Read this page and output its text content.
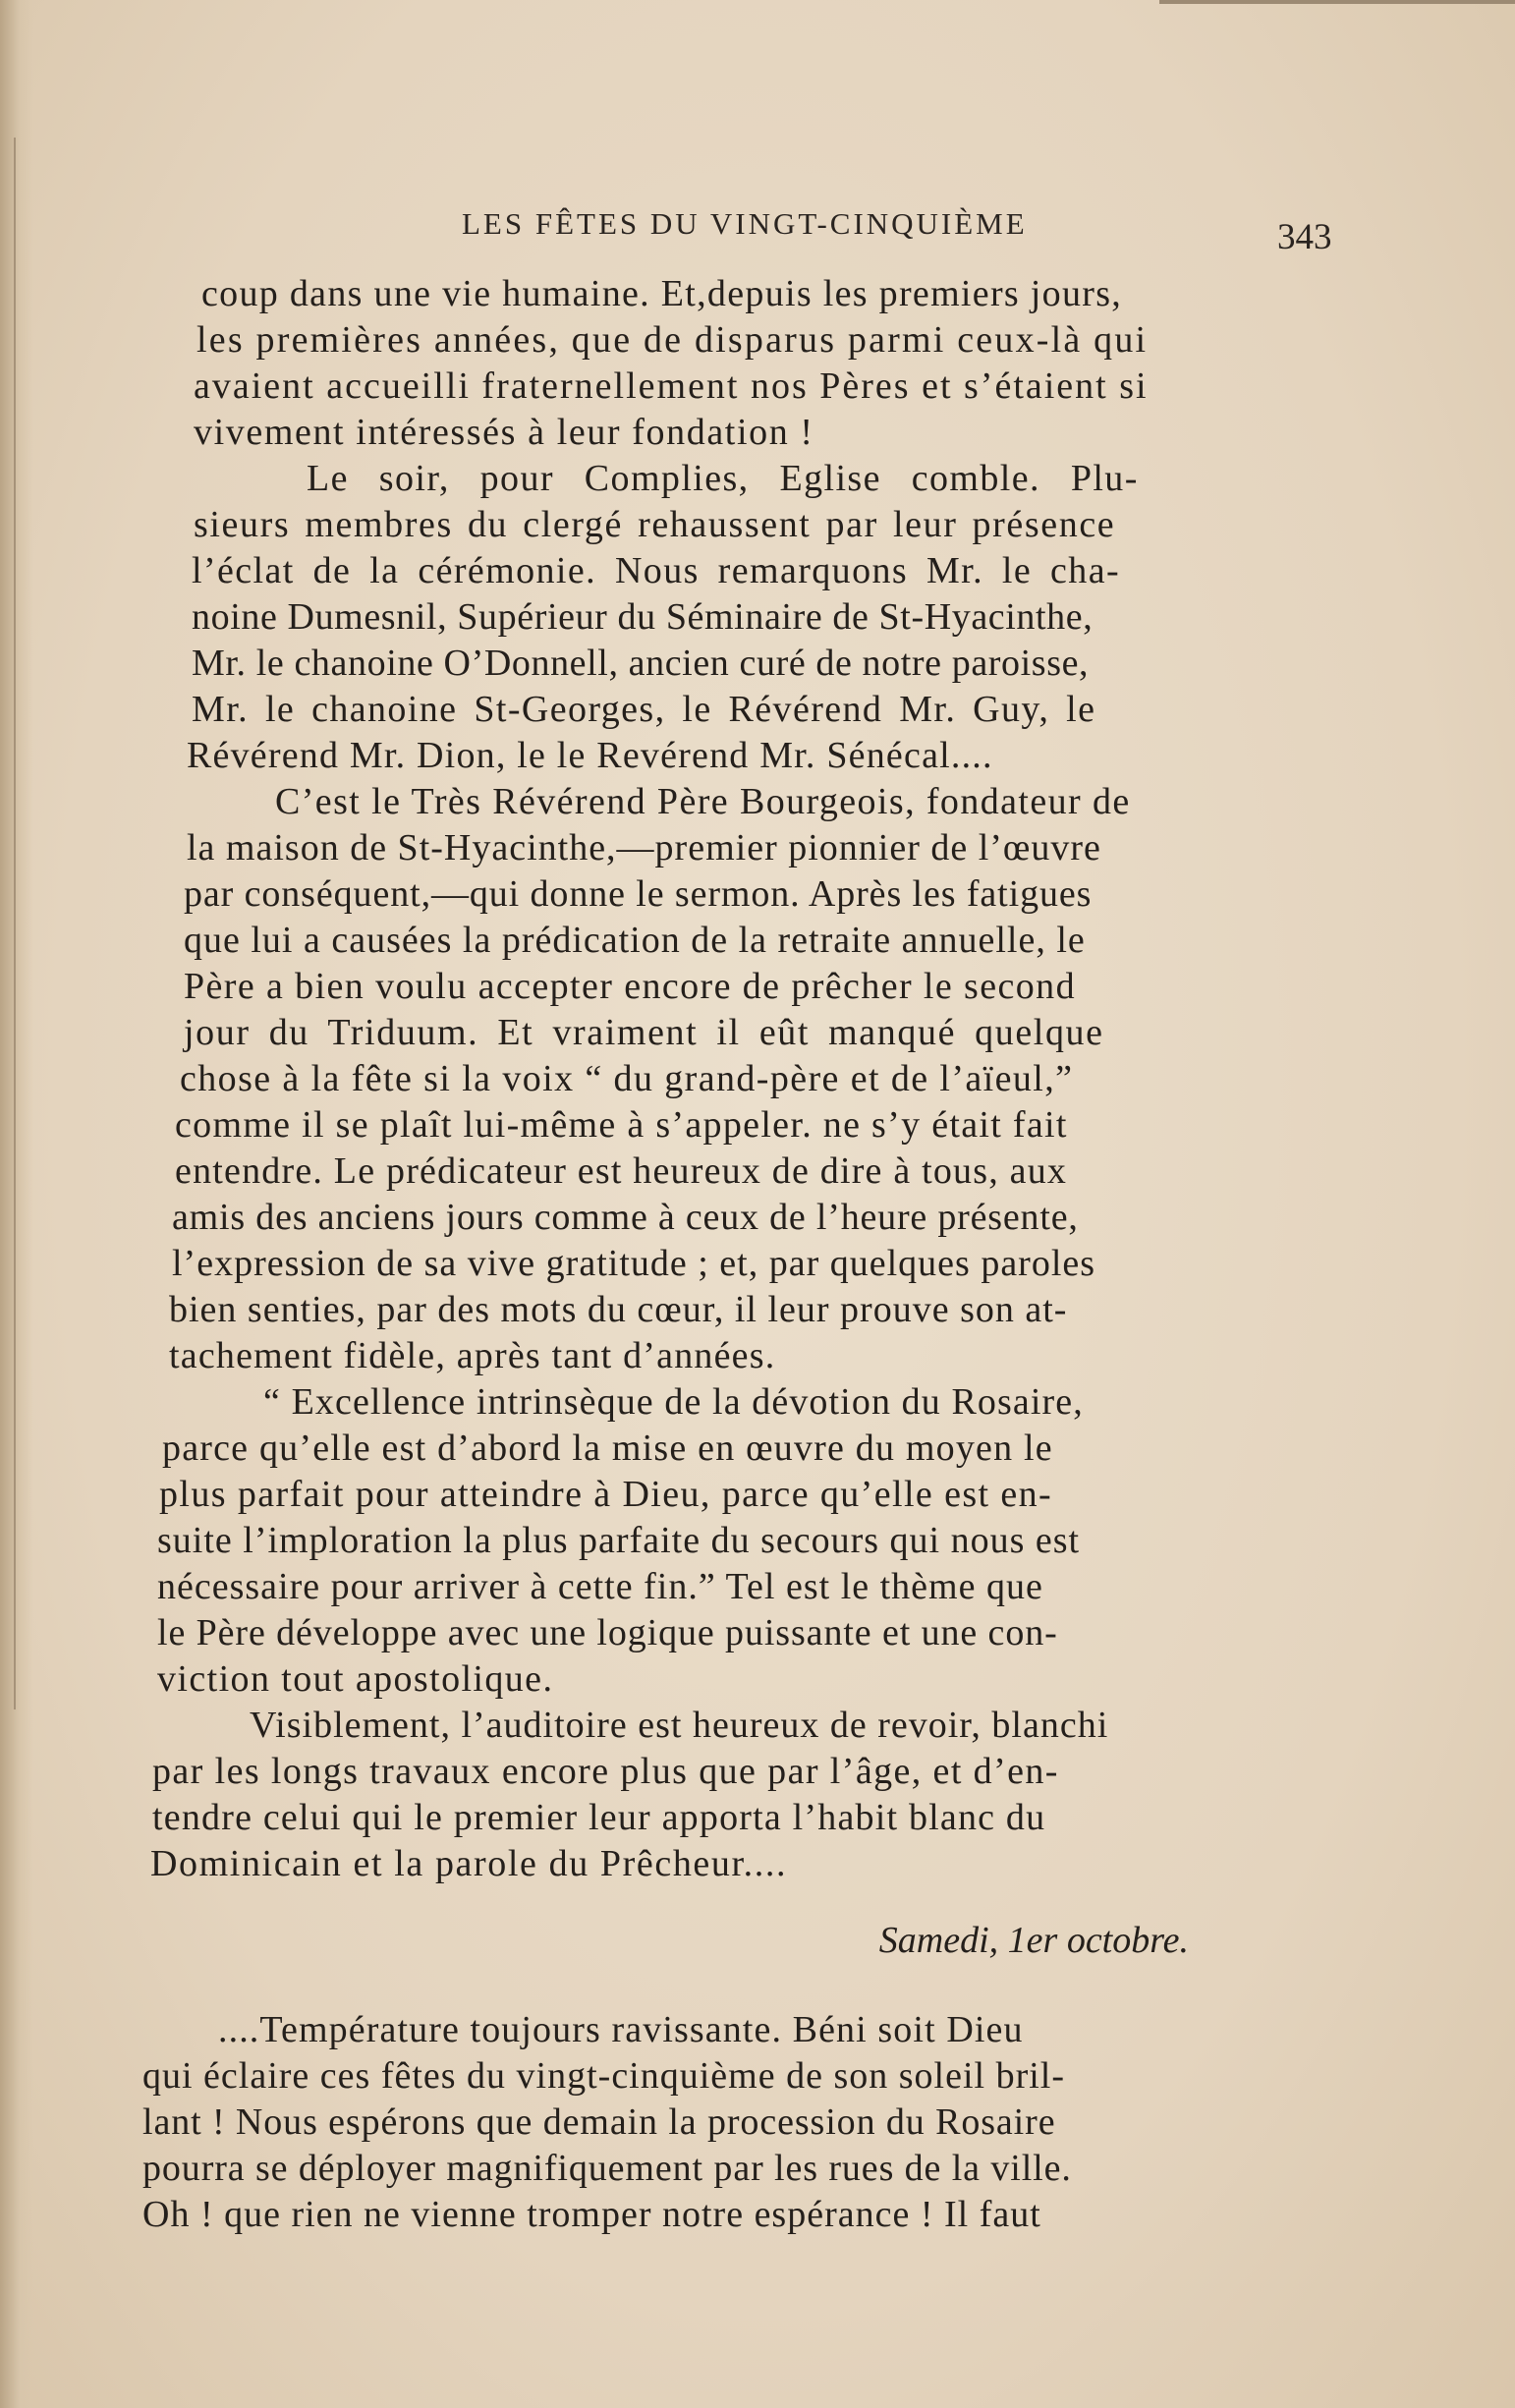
LES FÊTES DU VINGT-CINQUIÈME	343
coup dans une vie humaine. Et,depuis les premiers jours,
les premières années, que de disparus parmi ceux-là qui
avaient accueilli fraternellement nos Pères et s’étaient si
vivement intéressés à leur fondation !
Le soir, pour Complies, Eglise comble. Plu-
sieurs membres du clergé rehaussent par leur présence
l’éclat de la cérémonie. Nous remarquons Mr. le cha-
noine Dumesnil, Supérieur du Séminaire de St-Hyacinthe,
Mr. le chanoine O’Donnell, ancien curé de notre paroisse,
Mr. le chanoine St-Georges, le Révérend Mr. Guy, le
Révérend Mr. Dion, le le Revérend Mr. Sénécal....
C’est le Très Révérend Père Bourgeois, fondateur de
la maison de St-Hyacinthe,—premier pionnier de l’œuvre
par conséquent,—qui donne le sermon. Après les fatigues
que lui a causées la prédication de la retraite annuelle, le
Père a bien voulu accepter encore de prêcher le second
jour du Triduum. Et vraiment il eût manqué quelque
chose à la fête si la voix “ du grand-père et de l’aïeul,”
comme il se plaît lui-même à s’appeler. ne s’y était fait
entendre. Le prédicateur est heureux de dire à tous, aux
amis des anciens jours comme à ceux de l’heure présente,
l’expression de sa vive gratitude ; et, par quelques paroles
bien senties, par des mots du cœur, il leur prouve son at-
tachement fidèle, après tant d’années.
“ Excellence intrinsèque de la dévotion du Rosaire,
parce qu’elle est d’abord la mise en œuvre du moyen le
plus parfait pour atteindre à Dieu, parce qu’elle est en-
suite l’imploration la plus parfaite du secours qui nous est
nécessaire pour arriver à cette fin.” Tel est le thème que
le Père développe avec une logique puissante et une con-
viction tout apostolique.
Visiblement, l’auditoire est heureux de revoir, blanchi
par les longs travaux encore plus que par l’âge, et d’en-
tendre celui qui le premier leur apporta l’habit blanc du
Dominicain et la parole du Prêcheur....
Samedi, 1er octobre.
....Température toujours ravissante. Béni soit Dieu
qui éclaire ces fêtes du vingt-cinquième de son soleil bril-
lant ! Nous espérons que demain la procession du Rosaire
pourra se déployer magnifiquement par les rues de la ville.
Oh ! que rien ne vienne tromper notre espérance ! Il faut
